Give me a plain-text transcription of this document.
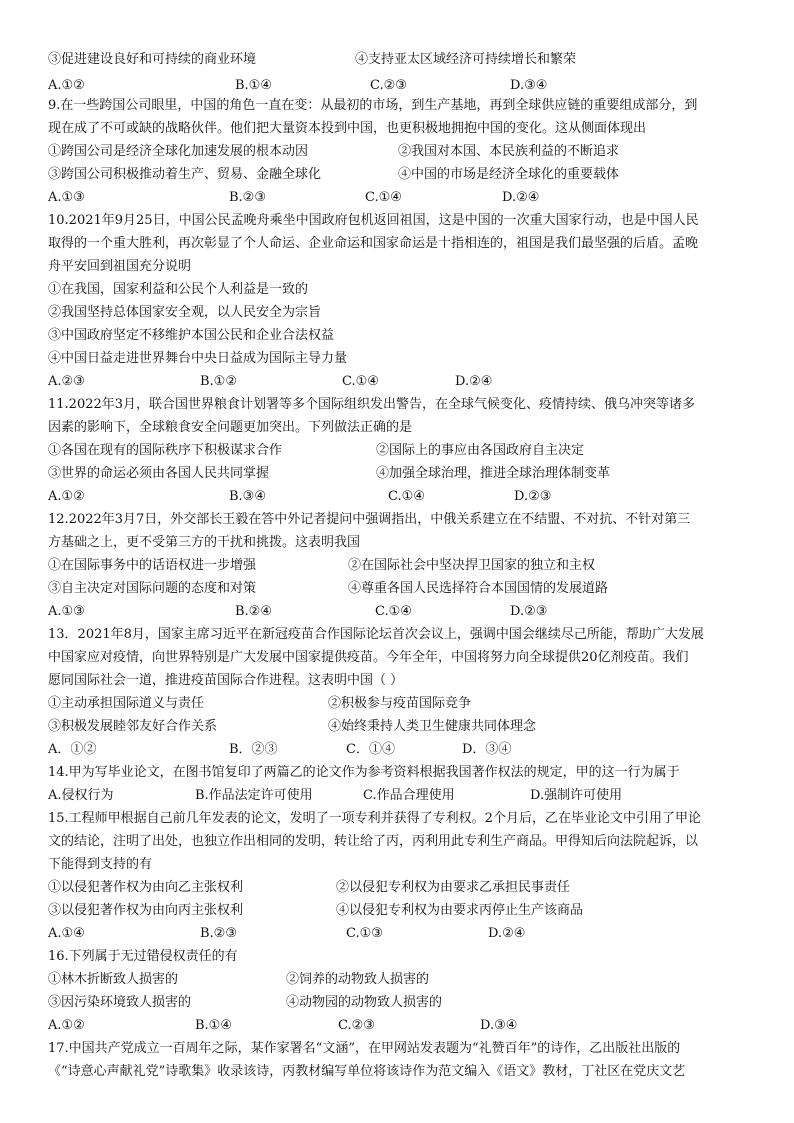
③促进建设良好和可持续的商业环境	④支持亚太区域经济可持续增长和繁荣
A.①②	B.①④	C.②③	D.③④
9.在一些跨国公司眼里，中国的角色一直在变：从最初的市场，到生产基地，再到全球供应链的重要组成部分，到
现在成了不可或缺的战略伙伴。他们把大量资本投到中国，也更积极地拥抱中国的变化。这从侧面体现出
①跨国公司是经济全球化加速发展的根本动因	②我国对本国、本民族利益的不断追求
③跨国公司积极推动着生产、贸易、金融全球化	④中国的市场是经济全球化的重要载体
A.①③	B.②③	C.①④	D.②④
10.2021年9月25日，中国公民孟晚舟乘坐中国政府包机返回祖国，这是中国的一次重大国家行动，也是中国人民
取得的一个重大胜利，再次彰显了个人命运、企业命运和国家命运是十指相连的，祖国是我们最坚强的后盾。孟晚
舟平安回到祖国充分说明
①在我国，国家利益和公民个人利益是一致的
②我国坚持总体国家安全观，以人民安全为宗旨
③中国政府坚定不移维护本国公民和企业合法权益
④中国日益走进世界舞台中央日益成为国际主导力量
A.②③	B.①②	C.①④	D.②④
11.2022年3月，联合国世界粮食计划署等多个国际组织发出警告，在全球气候变化、疫情持续、俄乌冲突等诸多
因素的影响下，全球粮食安全问题更加突出。下列做法正确的是
①各国在现有的国际秩序下积极谋求合作	②国际上的事应由各国政府自主决定
③世界的命运必须由各国人民共同掌握	④加强全球治理，推进全球治理体制变革
A.①②	B.③④	C.①④	D.②③
12.2022年3月7日，外交部长王毅在答中外记者提问中强调指出，中俄关系建立在不结盟、不对抗、不针对第三
方基础之上，更不受第三方的干扰和挑拨。这表明我国
①在国际事务中的话语权进一步增强	②在国际社会中坚决捍卫国家的独立和主权
③自主决定对国际问题的态度和对策	④尊重各国人民选择符合本国国情的发展道路
A.①③	B.②④	C.①④	D.②③
13．2021年8月，国家主席习近平在新冠疫苗合作国际论坛首次会议上，强调中国会继续尽己所能，帮助广大发展
中国家应对疫情，向世界特别是广大发展中国家提供疫苗。今年全年，中国将努力向全球提供20亿剂疫苗。我们
愿同国际社会一道，推进疫苗国际合作进程。这表明中国（ ）
①主动承担国际道义与责任	②积极参与疫苗国际竞争
③积极发展睦邻友好合作关系	④始终秉持人类卫生健康共同体理念
A．①②	B．②③	C．①④	D．③④
14.甲为写毕业论文，在图书馆复印了两篇乙的论文作为参考资料根据我国著作权法的规定，甲的这一行为属于
A.侵权行为	B.作品法定许可使用	C.作品合理使用	D.强制许可使用
15.工程师甲根据自己前几年发表的论文，发明了一项专利并获得了专利权。2个月后，乙在毕业论文中引用了甲论
文的结论，注明了出处，也独立作出相同的发明，转让给了丙，丙利用此专利生产商品。甲得知后向法院起诉，以
下能得到支持的有
①以侵犯著作权为由向乙主张权利	②以侵犯专利权为由要求乙承担民事责任
③以侵犯著作权为由向丙主张权利	④以侵犯专利权为由要求丙停止生产该商品
A.①④	B.②③	C.①③	D.②④
16.下列属于无过错侵权责任的有
①林木折断致人损害的	②饲养的动物致人损害的
③因污染环境致人损害的	④动物园的动物致人损害的
A.①②	B.①④	C.②③	D.③④
17.中国共产党成立一百周年之际，某作家署名“文涵”，在甲网站发表题为“礼赞百年”的诗作，乙出版社出版的
《“诗意心声献礼党”诗歌集》收录该诗，丙教材编写单位将该诗作为范文编入《语文》教材，丁社区在党庆文艺
